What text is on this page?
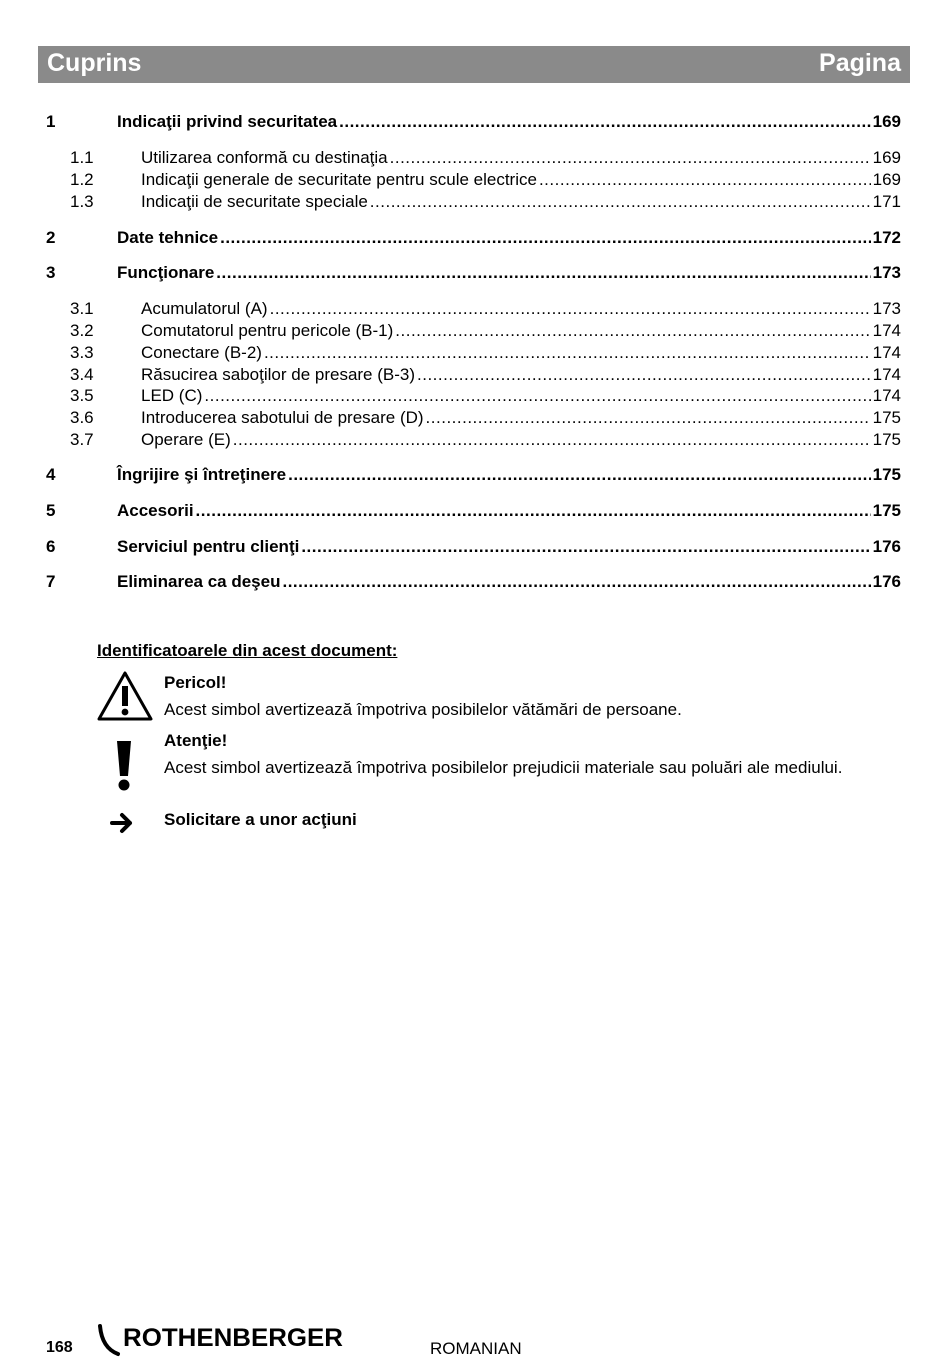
Cuprins	Pagina
1	Indicaţii privind securitatea .....	169
1.1	Utilizarea conformă cu destinaţia .....	169
1.2	Indicaţii generale de securitate pentru scule electrice .....	169
1.3	Indicaţii de securitate speciale .....	171
2	Date tehnice .....	172
3	Funcţionare .....	173
3.1	Acumulatorul (A) .....	173
3.2	Comutatorul pentru pericole (B-1) .....	174
3.3	Conectare (B-2) .....	174
3.4	Răsucirea saboţilor de presare (B-3) .....	174
3.5	LED (C) .....	174
3.6	Introducerea sabotului de presare (D) .....	175
3.7	Operare (E) .....	175
4	Îngrijire şi întreţinere .....	175
5	Accesorii .....	175
6	Serviciul pentru clienţi .....	176
7	Eliminarea ca deşeu .....	176
Identificatoarele din acest document:
Pericol!
Acest simbol avertizează împotriva posibilelor vătămări de persoane.
Atenţie!
Acest simbol avertizează împotriva posibilelor prejudicii materiale sau poluări ale mediului.
Solicitare a unor acţiuni
168 ROTHENBERGER	ROMANIAN
